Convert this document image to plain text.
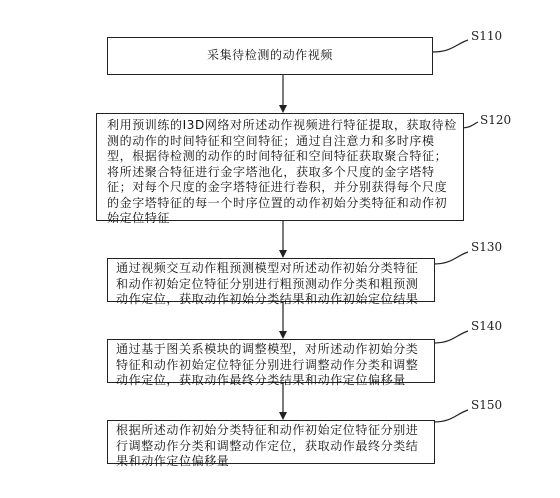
采集待检测的动作视频
S110
利用预训练的I3D网络对所述动作视频进行特征提取，获取待检测的动作的时间特征和空间特征；通过自注意力和多时序模型，根据待检测的动作的时间特征和空间特征获取聚合特征；将所述聚合特征进行金字塔池化，获取多个尺度的金字塔特征；对每个尺度的金字塔特征进行卷积，并分别获得每个尺度的金字塔特征的每一个时序位置的动作初始分类特征和动作初始定位特征
S120
通过视频交互动作粗预测模型对所述动作初始分类特征和动作初始定位特征分别进行粗预测动作分类和粗预测动作定位，获取动作初始分类结果和动作初始定位结果
S130
通过基于图关系模块的调整模型，对所述动作初始分类特征和动作初始定位特征分别进行调整动作分类和调整动作定位，获取动作最终分类结果和动作定位偏移量
S140
根据所述动作初始分类特征和动作初始定位特征分别进行调整动作分类和调整动作定位，获取动作最终分类结果和动作定位偏移量
S150
